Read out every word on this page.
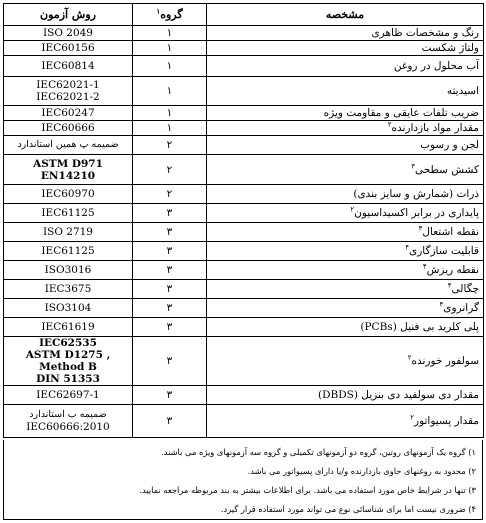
مشخصه	گروه$^۱$	روش آزمون
رنگ و مشخصات ظاهری	۱	ISO 2049

ولتاژ شکست	۱	IEC60156

آب محلول در روغن	۱	IEC60814

اسیدیته	۱	IEC62021-1
IEC62021-2

ضریب تلفات عایقی و مقاومت ویژه	۱	IEC60247

مقدار مواد بازدارنده$^۲$	۱	IEC60666

لجن و رسوب	۲	ضمیمه پ همین استاندارد

کشش سطحی$^۳$	۲	ASTM D971
EN14210

ذرات (شمارش و سایز بندی)	۲	IEC60970

پایداری در برابر اکسیداسیون$^۲$	۳	IEC61125

نقطه اشتعال$^۴$	۳	ISO 2719

قابلیت سازگاری$^۴$	۳	IEC61125

نقطه ریزش$^۴$	۳	ISO3016

چگالی$^۴$	۳	IEC3675

گرانروی$^۴$	۳	ISO3104

پلی کلرید بی فنیل (PCBs)	۳	IEC61619

سولفور خورنده$^۲$	۳	IEC62535
ASTM D1275 , Method B
DIN 51353

مقدار دی سولفید دی بنزیل (DBDS)	۳	IEC62697-1

مقدار پسیواتور$^۲$	۳	ضمیمه ب استاندارد
IEC60666:2010
۱) گروه یک آزمونهای روتین، گروه دو آزمونهای تکمیلی و گروه سه آزمونهای ویژه می باشند.
۲) محدود به روغنهای حاوی بازدارنده و/یا دارای پسیواتور می باشد.
۳) تنها در شرایط خاص مورد استفاده می باشد. برای اطلاعات بیشتر به بند مربوطه مراجعه نمایید.
۴) ضروری نیست اما برای شناسائی نوع می تواند مورد استفاده قرار گیرد.
